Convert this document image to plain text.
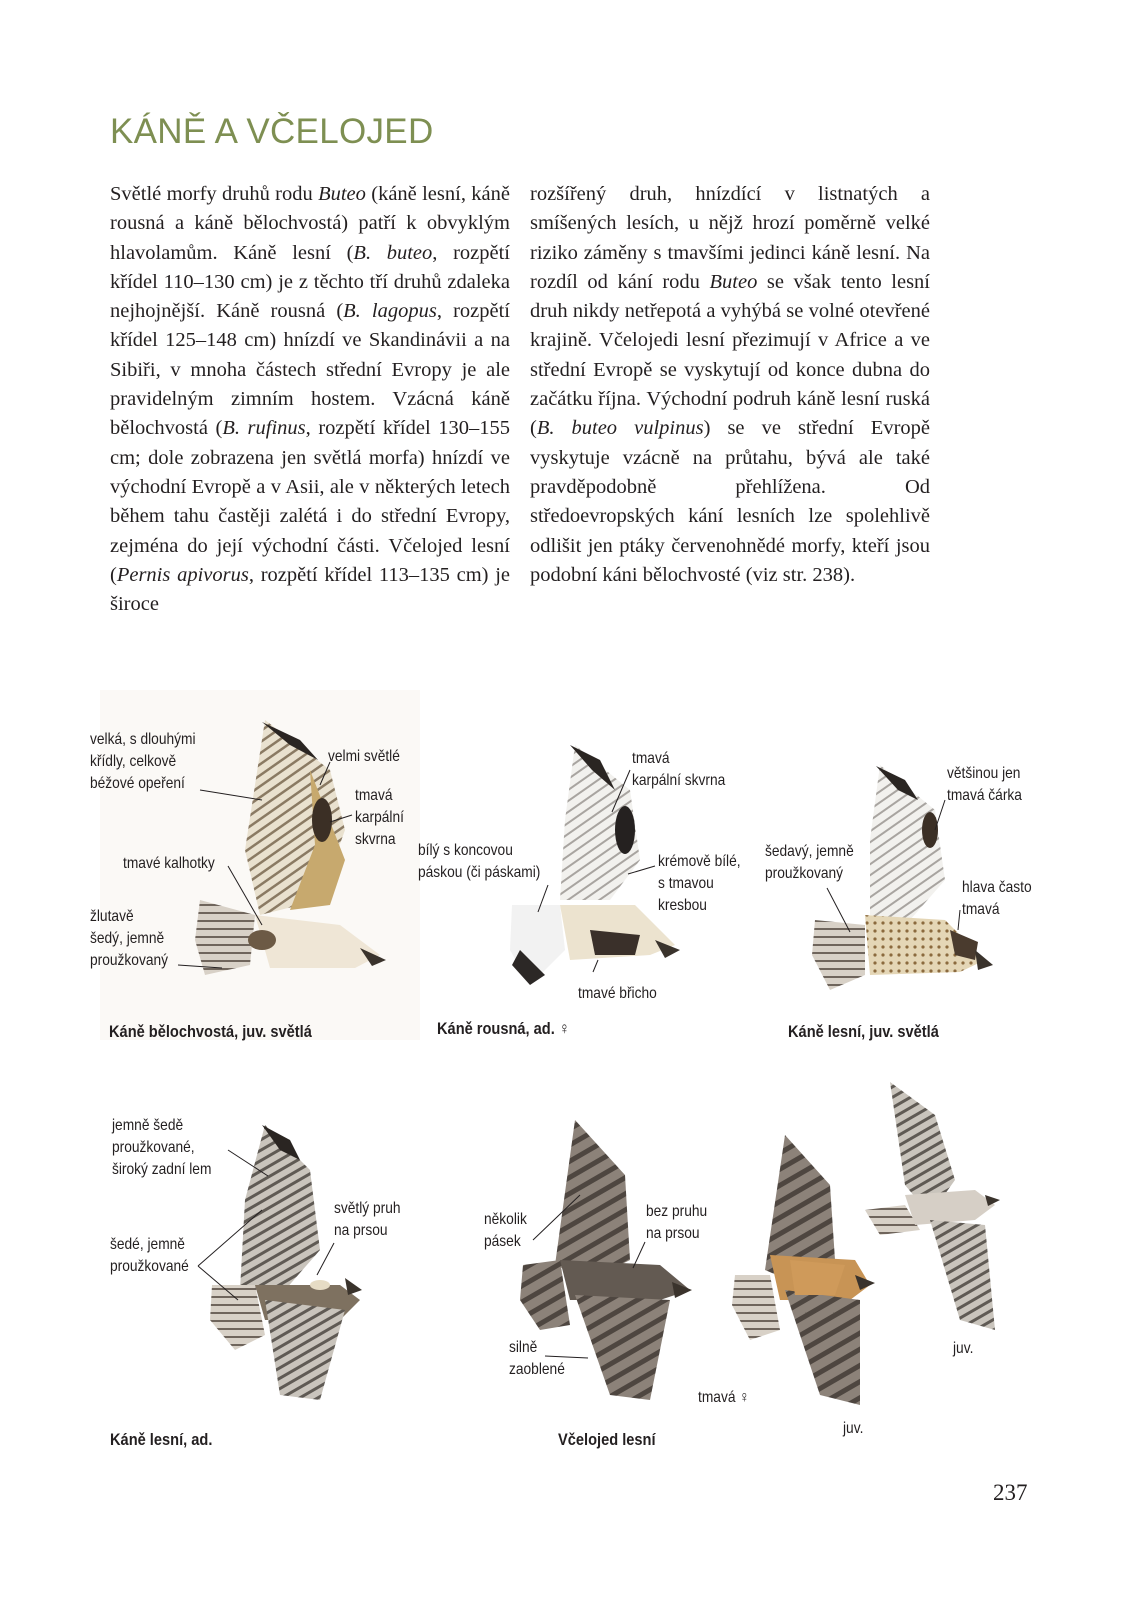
KÁNĚ A VČELOJED

Světlé morfy druhů rodu Buteo (káně lesní, káně rousná a káně bělochvostá) patří k obvyklým hlavolamům. Káně lesní (B. buteo, rozpětí křídel 110–130 cm) je z těchto tří druhů zdaleka nejhojnější. Káně rousná (B. lagopus, rozpětí křídel 125–148 cm) hnízdí ve Skandinávii a na Sibiři, v mnoha částech střední Evropy je ale pravidelným zimním hostem. Vzácná káně bělochvostá (B. rufinus, rozpětí křídel 130–155 cm; dole zobrazena jen světlá morfa) hnízdí ve východní Evropě a v Asii, ale v některých letech během tahu častěji zalétá i do střední Evropy, zejména do její východní části. Včelojed lesní (Pernis apivorus, rozpětí křídel 113–135 cm) je široce

rozšířený druh, hnízdící v listnatých a smíšených lesích, u nějž hrozí poměrně velké riziko záměny s tmavšími jedinci káně lesní. Na rozdíl od kání rodu Buteo se však tento lesní druh nikdy netřepotá a vyhýbá se volné otevřené krajině. Včelojedi lesní přezimují v Africe a ve střední Evropě se vyskytují od konce dubna do začátku října. Východní podruh káně lesní ruská (B. buteo vulpinus) se ve střední Evropě vyskytuje vzácně na průtahu, bývá ale také pravděpodobně přehlížena. Od středoevropských kání lesních lze spolehlivě odlišit jen ptáky červenohnědé morfy, kteří jsou podobní káni bělochvosté (viz str. 238).

velká, s dlouhými
křídly, celkově
béžové opeření
velmi světlé
tmavá
karpální
skvrna
tmavé kalhotky
žlutavě
šedý, jemně
proužkovaný
Káně bělochvostá, juv. světlá
tmavá
karpální skvrna
bílý s koncovou
páskou (či páskami)
krémově bílé,
s tmavou
kresbou
tmavé břicho
Káně rousná, ad. ♀
většinou jen
tmavá čárka
šedavý, jemně
proužkovaný
hlava často
tmavá
Káně lesní, juv. světlá
jemně šedě
proužkované,
široký zadní lem
světlý pruh
na prsou
šedé, jemně
proužkované
Káně lesní, ad.
několik
pásek
bez pruhu
na prsou
silně
zaoblené
tmavá ♀
juv.
juv.
Včelojed lesní
237
